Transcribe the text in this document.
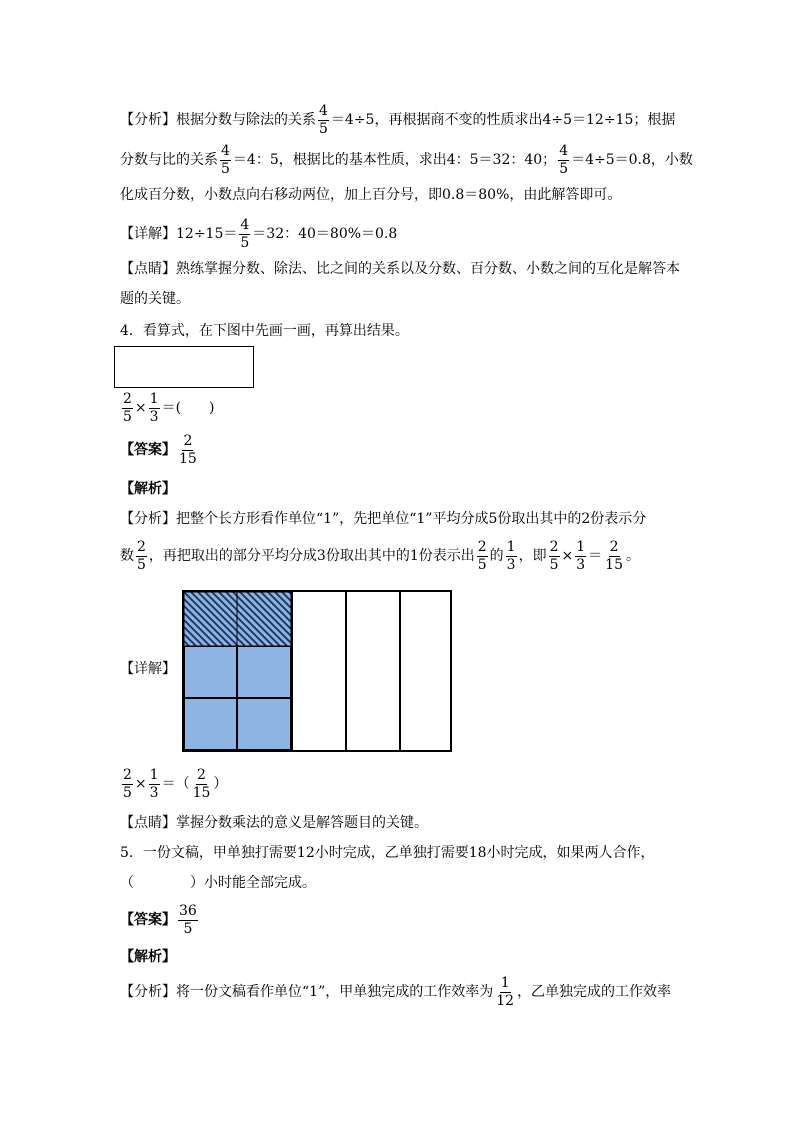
【分析】根据分数与除法的关系 $\frac{4}{5} =4\div 5$，再根据商不变的性质求出4÷5＝12÷15；根据
分数与比的关系 $\frac{4}{5} =4$：5，根据比的基本性质，求出4：5＝32：40； $\frac{4}{5} =4\div 5=0.8$，小数
化成百分数，小数点向右移动两位，加上百分号，即0.8＝80%，由此解答即可。
【详解】$12\div 15= \frac{4}{5} =32$：40＝80%＝0.8
【点睛】熟练掌握分数、除法、比之间的关系以及分数、百分数、小数之间的互化是解答本
题的关键。
4．看算式，在下图中先画一画，再算出结果。
$\frac{2}{5} \times \frac{1}{3}$ ＝(　　)
【答案】 $\frac{2}{15}$
【解析】
【分析】把整个长方形看作单位“1”，先把单位“1”平均分成5份取出其中的2份表示分
数 $\frac{2}{5}$ ，再把取出的部分平均分成3份取出其中的1份表示出 $\frac{2}{5}$ 的 $\frac{1}{3}$ ，即 $\frac{2}{5} \times \frac{1}{3} = \frac{2}{15}$ 。
【详解】
$\frac{2}{5} \times \frac{1}{3}$ ＝（ $\frac{2}{15}$ ）
【点睛】掌握分数乘法的意义是解答题目的关键。
5．一份文稿，甲单独打需要12小时完成，乙单独打需要18小时完成，如果两人合作，
（　　　　）小时能全部完成。
【答案】 $\frac{36}{5}$
【解析】
【分析】将一份文稿看作单位“1”，甲单独完成的工作效率为 $\frac{1}{12}$ ，乙单独完成的工作效率
